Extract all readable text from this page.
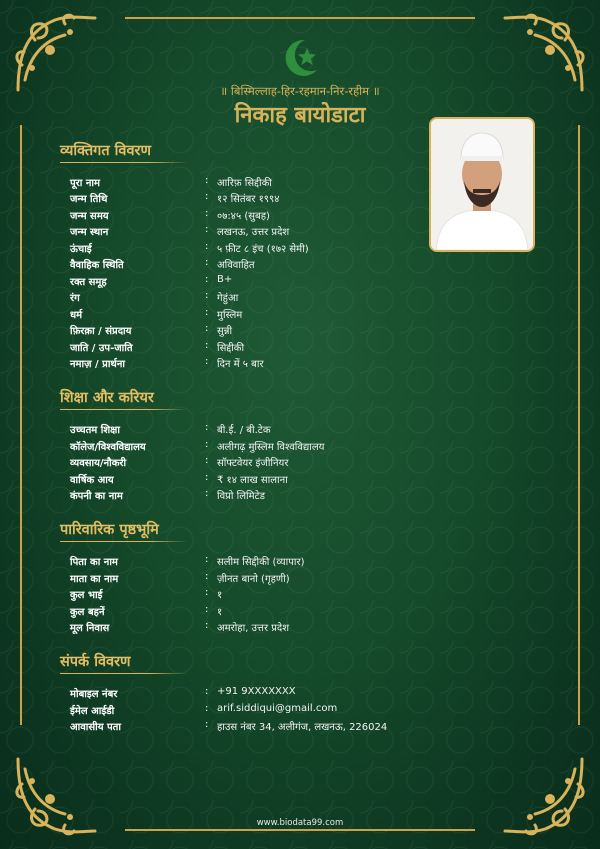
॥ बिस्मिल्लाह-हिर-रहमान-निर-रहीम ॥
निकाह बायोडाटा
व्यक्तिगत विवरण
पूरा नाम	: आरिफ़ सिद्दीकी
जन्म तिथि	: १२ सितंबर १९९४
जन्म समय	: ०७:४५ (सुबह)
जन्म स्थान	: लखनऊ, उत्तर प्रदेश
ऊंचाई	: ५ फ़ीट ८ इंच (१७२ सेमी)
वैवाहिक स्थिति	: अविवाहित
रक्त समूह	: B+
रंग	: गेहुंआ
धर्म	: मुस्लिम
फ़िरक़ा / संप्रदाय	: सुन्नी
जाति / उप-जाति	: सिद्दीकी
नमाज़ / प्रार्थना	: दिन में ५ बार
शिक्षा और करियर
उच्चतम शिक्षा	: बी.ई. / बी.टेक
कॉलेज/विश्वविद्यालय	: अलीगढ़ मुस्लिम विश्वविद्यालय
व्यवसाय/नौकरी	: सॉफ्टवेयर इंजीनियर
वार्षिक आय	: ₹ १४ लाख सालाना
कंपनी का नाम	: विप्रो लिमिटेड
पारिवारिक पृष्ठभूमि
पिता का नाम	: सलीम सिद्दीकी (व्यापार)
माता का नाम	: ज़ीनत बानो (गृहणी)
कुल भाई	: १
कुल बहनें	: १
मूल निवास	: अमरोहा, उत्तर प्रदेश
संपर्क विवरण
मोबाइल नंबर	: +91 9XXXXXXX
ईमेल आईडी	: arif.siddiqui@gmail.com
आवासीय पता	: हाउस नंबर 34, अलीगंज, लखनऊ, 226024
www.biodata99.com
